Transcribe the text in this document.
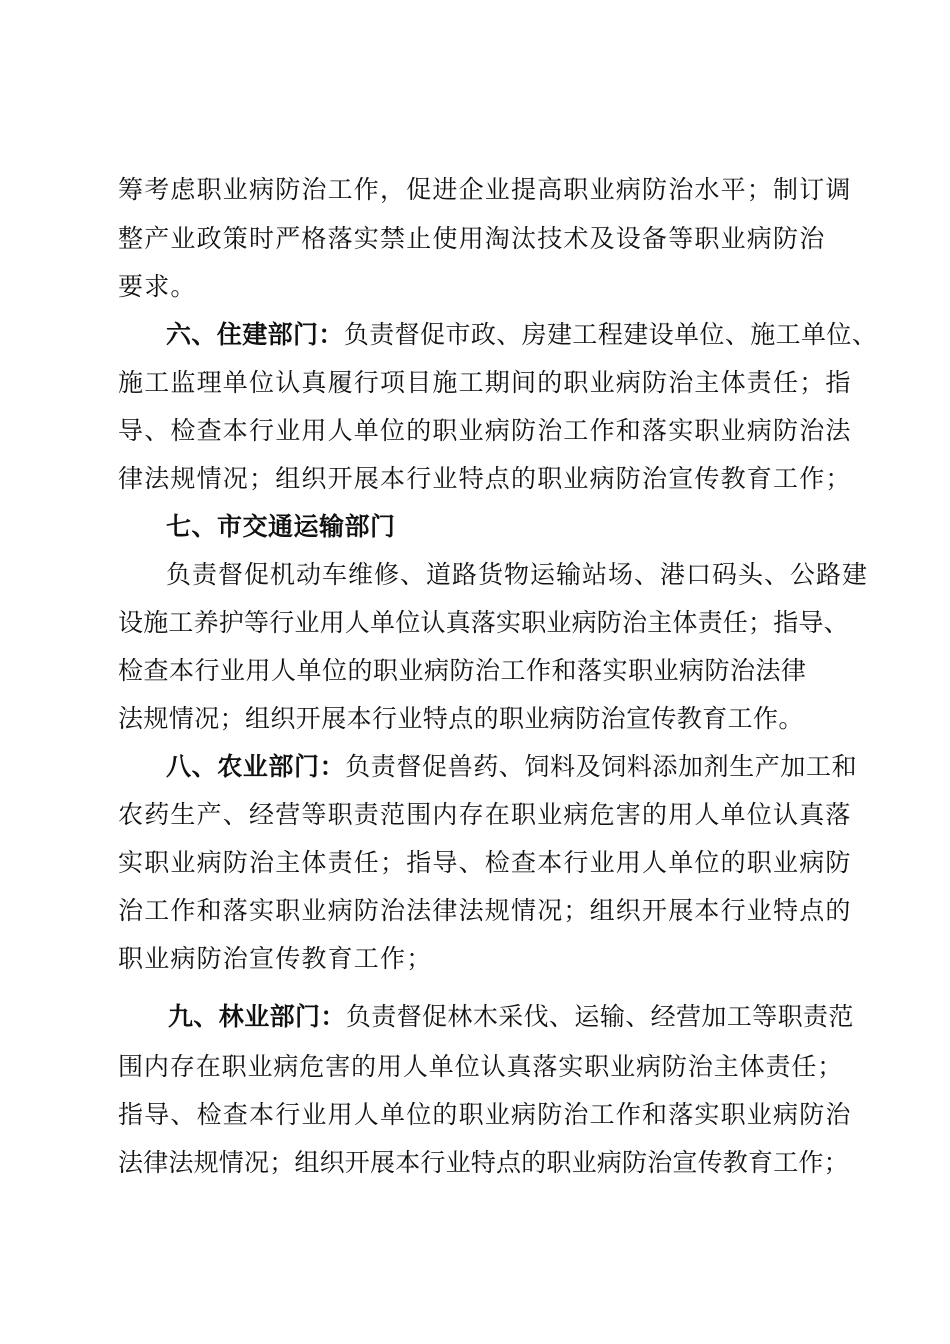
筹考虑职业病防治工作，促进企业提高职业病防治水平；制订调

整产业政策时严格落实禁止使用淘汰技术及设备等职业病防治

要求。

六、住建部门：负责督促市政、房建工程建设单位、施工单位、

施工监理单位认真履行项目施工期间的职业病防治主体责任；指

导、检查本行业用人单位的职业病防治工作和落实职业病防治法

律法规情况；组织开展本行业特点的职业病防治宣传教育工作；

七、市交通运输部门

负责督促机动车维修、道路货物运输站场、港口码头、公路建

设施工养护等行业用人单位认真落实职业病防治主体责任；指导、

检查本行业用人单位的职业病防治工作和落实职业病防治法律

法规情况；组织开展本行业特点的职业病防治宣传教育工作。

八、农业部门：负责督促兽药、饲料及饲料添加剂生产加工和

农药生产、经营等职责范围内存在职业病危害的用人单位认真落

实职业病防治主体责任；指导、检查本行业用人单位的职业病防

治工作和落实职业病防治法律法规情况；组织开展本行业特点的

职业病防治宣传教育工作；

九、林业部门：负责督促林木采伐、运输、经营加工等职责范

围内存在职业病危害的用人单位认真落实职业病防治主体责任；

指导、检查本行业用人单位的职业病防治工作和落实职业病防治

法律法规情况；组织开展本行业特点的职业病防治宣传教育工作；
